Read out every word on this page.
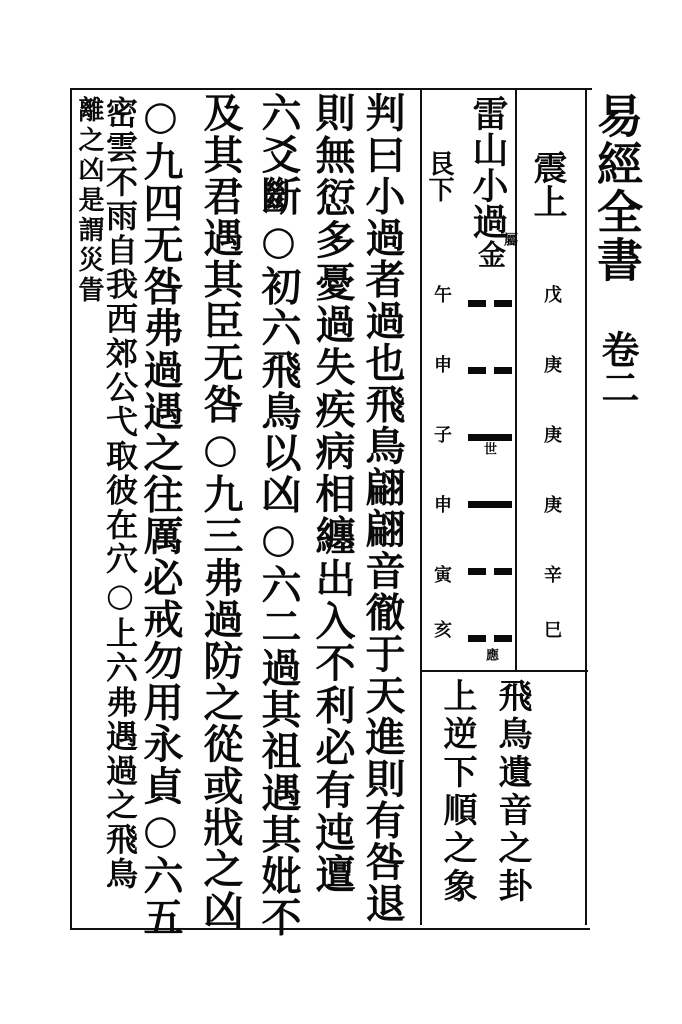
易經全書
卷二
震上
艮下 雷山小過
金
屬
世
應
戊
庚
庚
庚
辛
巳
午
申
子
申
寅
亥
飛鳥遺音之卦
上逆下順之象
判曰小過者過也飛鳥翩翩音徹于天進則有咎退
則無愆多憂過失疾病相纏出入不利必有迍邅
六爻斷○初六飛鳥以凶○六二過其祖遇其妣不
及其君遇其臣无咎○九三弗過防之從或戕之凶
○九四无咎弗過遇之往厲必戒勿用永貞○六五
密雲不雨自我西郊公弋取彼在穴○上六弗遇過之飛鳥
離之凶是謂災眚
